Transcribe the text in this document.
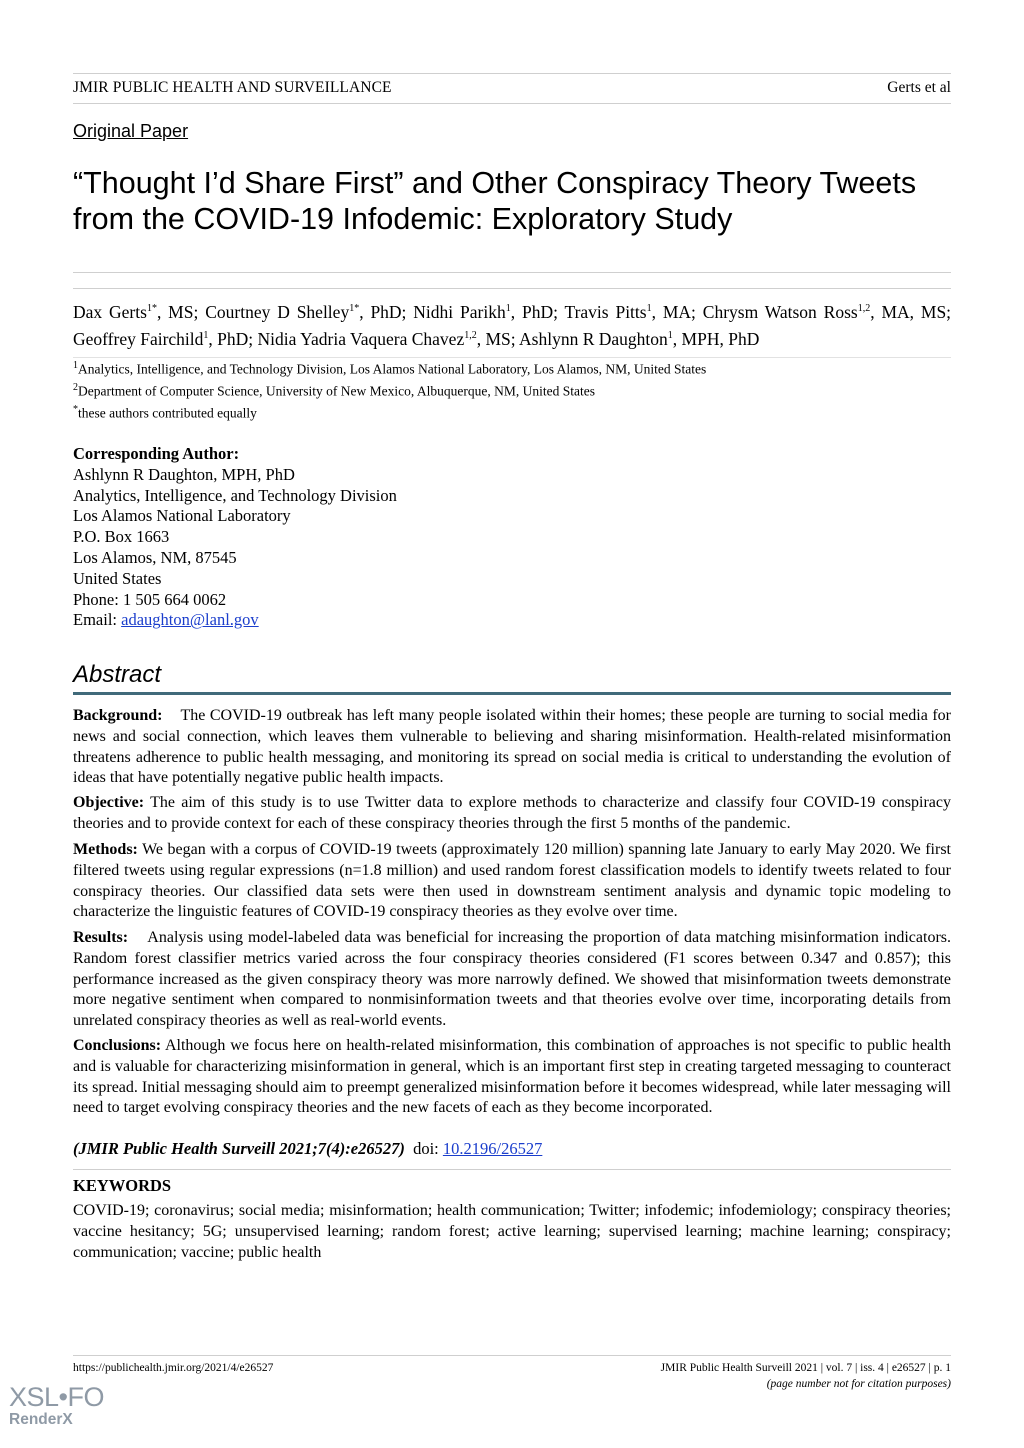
JMIR PUBLIC HEALTH AND SURVEILLANCE	Gerts et al
Original Paper
“Thought I’d Share First” and Other Conspiracy Theory Tweets from the COVID-19 Infodemic: Exploratory Study
Dax Gerts$^{1*}$, MS; Courtney D Shelley$^{1*}$, PhD; Nidhi Parikh$^1$, PhD; Travis Pitts$^1$, MA; Chrysm Watson Ross$^{1,2}$, MA, MS; Geoffrey Fairchild$^1$, PhD; Nidia Yadria Vaquera Chavez$^{1,2}$, MS; Ashlynn R Daughton$^1$, MPH, PhD
$^1$Analytics, Intelligence, and Technology Division, Los Alamos National Laboratory, Los Alamos, NM, United States
$^2$Department of Computer Science, University of New Mexico, Albuquerque, NM, United States
*these authors contributed equally
Corresponding Author:
Ashlynn R Daughton, MPH, PhD
Analytics, Intelligence, and Technology Division
Los Alamos National Laboratory
P.O. Box 1663
Los Alamos, NM, 87545
United States
Phone: 1 505 664 0062
Email: adaughton@lanl.gov
Abstract

Background: The COVID-19 outbreak has left many people isolated within their homes; these people are turning to social media for news and social connection, which leaves them vulnerable to believing and sharing misinformation. Health-related misinformation threatens adherence to public health messaging, and monitoring its spread on social media is critical to understanding the evolution of ideas that have potentially negative public health impacts.

Objective: The aim of this study is to use Twitter data to explore methods to characterize and classify four COVID-19 conspiracy theories and to provide context for each of these conspiracy theories through the first 5 months of the pandemic.

Methods: We began with a corpus of COVID-19 tweets (approximately 120 million) spanning late January to early May 2020. We first filtered tweets using regular expressions (n=1.8 million) and used random forest classification models to identify tweets related to four conspiracy theories. Our classified data sets were then used in downstream sentiment analysis and dynamic topic modeling to characterize the linguistic features of COVID-19 conspiracy theories as they evolve over time.

Results: Analysis using model-labeled data was beneficial for increasing the proportion of data matching misinformation indicators. Random forest classifier metrics varied across the four conspiracy theories considered (F1 scores between 0.347 and 0.857); this performance increased as the given conspiracy theory was more narrowly defined. We showed that misinformation tweets demonstrate more negative sentiment when compared to nonmisinformation tweets and that theories evolve over time, incorporating details from unrelated conspiracy theories as well as real-world events.

Conclusions: Although we focus here on health-related misinformation, this combination of approaches is not specific to public health and is valuable for characterizing misinformation in general, which is an important first step in creating targeted messaging to counteract its spread. Initial messaging should aim to preempt generalized misinformation before it becomes widespread, while later messaging will need to target evolving conspiracy theories and the new facets of each as they become incorporated.

(JMIR Public Health Surveill 2021;7(4):e26527) doi: 10.2196/26527
KEYWORDS
COVID-19; coronavirus; social media; misinformation; health communication; Twitter; infodemic; infodemiology; conspiracy theories; vaccine hesitancy; 5G; unsupervised learning; random forest; active learning; supervised learning; machine learning; conspiracy; communication; vaccine; public health
https://publichealth.jmir.org/2021/4/e26527	JMIR Public Health Surveill 2021 | vol. 7 | iss. 4 | e26527 | p. 1
(page number not for citation purposes)
XSL•FO
RenderX
